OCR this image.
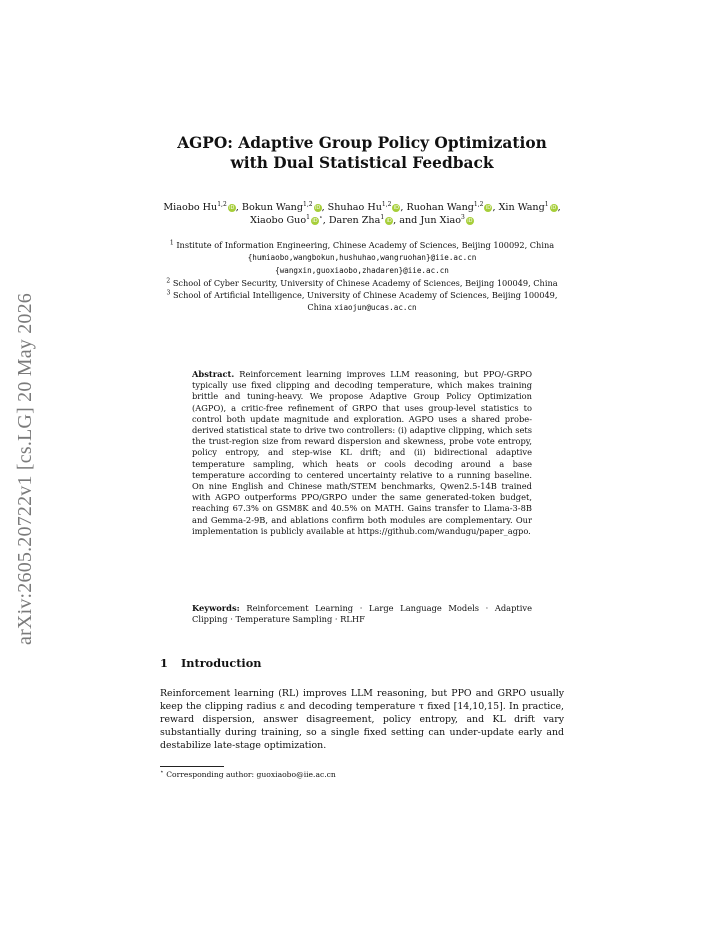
arXiv:2605.20722v1 [cs.LG] 20 May 2026
AGPO: Adaptive Group Policy Optimization
with Dual Statistical Feedback
Miaobo Hu$^{1,2}$iD, Bokun Wang$^{1,2}$iD, Shuhao Hu$^{1,2}$iD, Ruohan Wang$^{1,2}$iD, Xin Wang$^1$iD, Xiaobo Guo$^1$iD⋆, Daren Zha$^1$iD, and Jun Xiao$^3$iD

$^1$ Institute of Information Engineering, Chinese Academy of Sciences, Beijing 100092, China {humiaobo,wangbokun,hushuhao,wangruohan}@iie.ac.cn
{wangxin,guoxiaobo,zhadaren}@iie.ac.cn

$^2$ School of Cyber Security, University of Chinese Academy of Sciences, Beijing 100049, China

$^3$ School of Artificial Intelligence, University of Chinese Academy of Sciences, Beijing 100049, China xiaojun@ucas.ac.cn

Abstract. Reinforcement learning improves LLM reasoning, but PPO/-GRPO typically use fixed clipping and decoding temperature, which makes training brittle and tuning-heavy. We propose Adaptive Group Policy Optimization (AGPO), a critic-free refinement of GRPO that uses group-level statistics to control both update magnitude and exploration. AGPO uses a shared probe-derived statistical state to drive two controllers: (i) adaptive clipping, which sets the trust-region size from reward dispersion and skewness, probe vote entropy, policy entropy, and step-wise KL drift; and (ii) bidirectional adaptive temperature sampling, which heats or cools decoding around a base temperature according to centered uncertainty relative to a running baseline. On nine English and Chinese math/STEM benchmarks, Qwen2.5-14B trained with AGPO outperforms PPO/GRPO under the same generated-token budget, reaching 67.3% on GSM8K and 40.5% on MATH. Gains transfer to Llama-3-8B and Gemma-2-9B, and ablations confirm both modules are complementary. Our implementation is publicly available at https://github.com/wandugu/paper_agpo.
Keywords: Reinforcement Learning · Large Language Models · Adaptive Clipping · Temperature Sampling · RLHF
1 Introduction
Reinforcement learning (RL) improves LLM reasoning, but PPO and GRPO usually keep the clipping radius ε and decoding temperature τ fixed [14,10,15]. In practice, reward dispersion, answer disagreement, policy entropy, and KL drift vary substantially during training, so a single fixed setting can under-update early and destabilize late-stage optimization.
⋆ Corresponding author: guoxiaobo@iie.ac.cn
